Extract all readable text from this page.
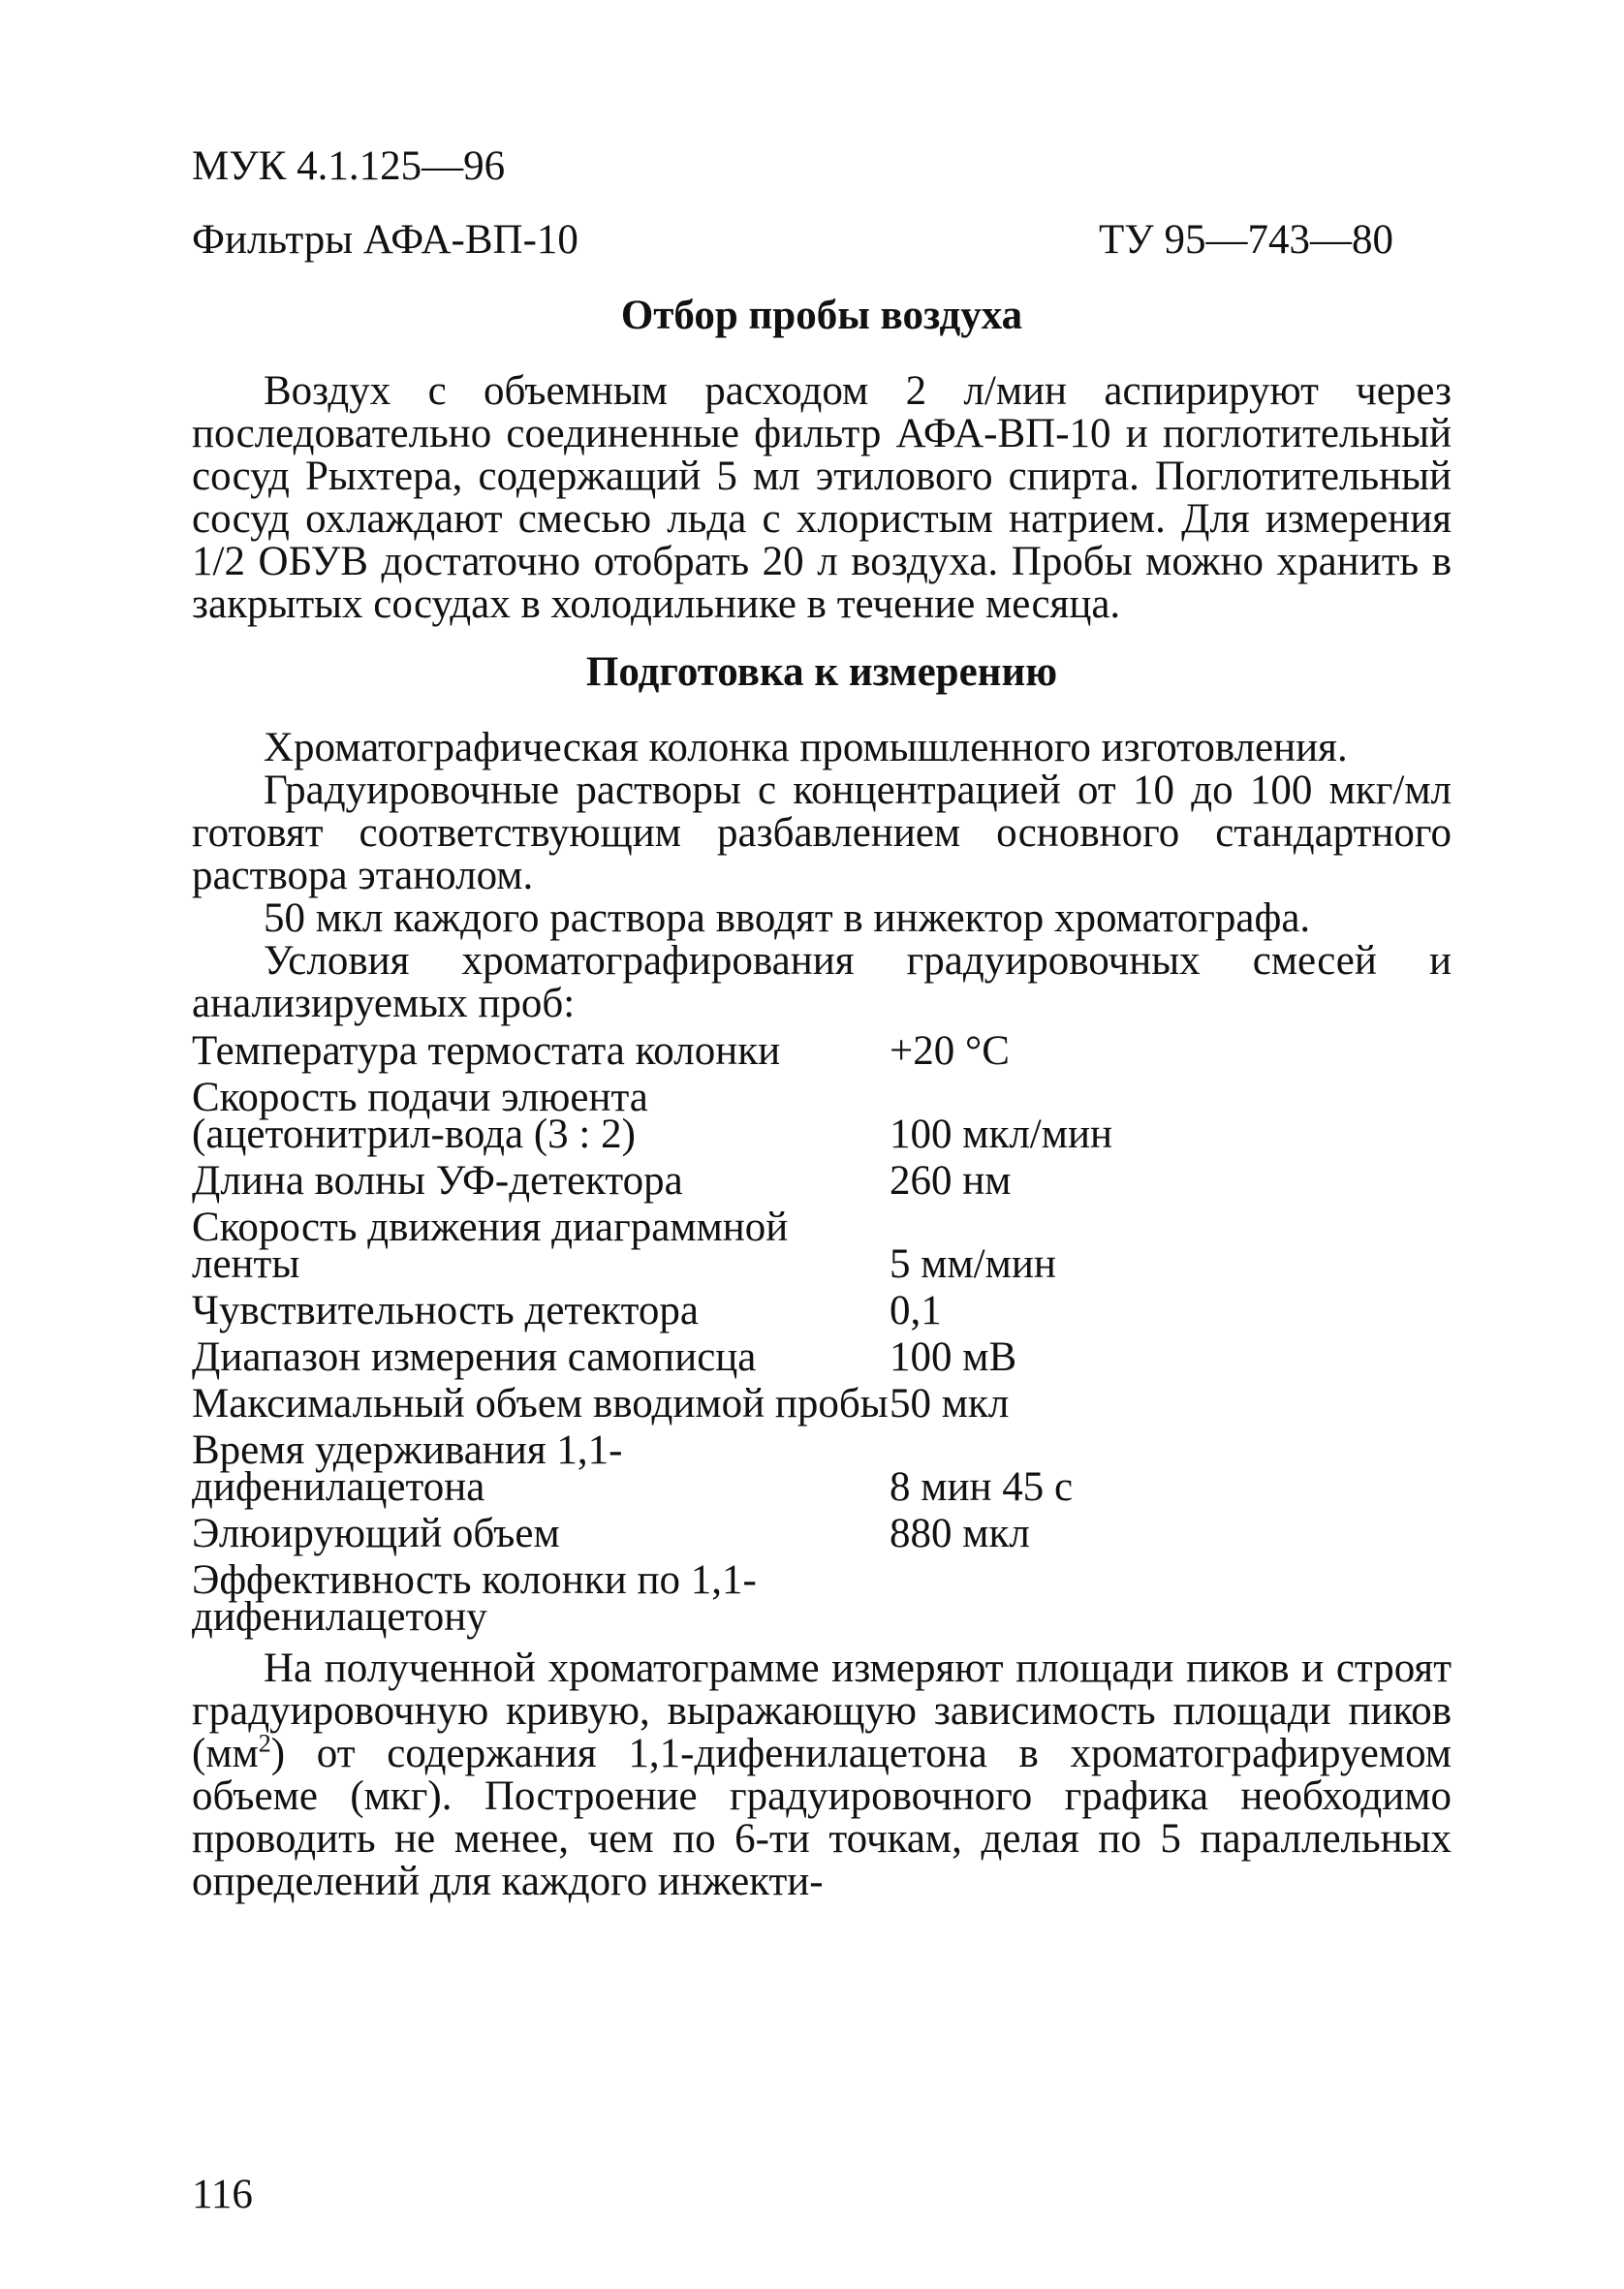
МУК 4.1.125—96
Фильтры АФА-ВП-10	ТУ 95—743—80
Отбор пробы воздуха

Воздух с объемным расходом 2 л/мин аспирируют через последовательно соединенные фильтр АФА-ВП-10 и поглотительный сосуд Рыхтера, содержащий 5 мл этилового спирта. Поглотительный сосуд охлаждают смесью льда с хлористым натрием. Для измерения 1/2 ОБУВ достаточно отобрать 20 л воздуха. Пробы можно хранить в закрытых сосудах в холодильнике в течение месяца.

Подготовка к измерению

Хроматографическая колонка промышленного изготовления.

Градуировочные растворы с концентрацией от 10 до 100 мкг/мл готовят соответствующим разбавлением основного стандартного раствора этанолом.

50 мкл каждого раствора вводят в инжектор хроматографа.

Условия хроматографирования градуировочных смесей и анализируемых проб:

Температура термостата колонки	+20 °С
Скорость подачи элюента (ацетонитрил-вода (3 : 2)	100 мкл/мин
Длина волны УФ-детектора	260 нм
Скорость движения диаграммной ленты	5 мм/мин
Чувствительность детектора	0,1
Диапазон измерения самописца	100 мВ
Максимальный объем вводимой пробы 50 мкл
Время удерживания 1,1-дифенилацетона	8 мин 45 с
Элюирующий объем	880 мкл
Эффективность колонки по 1,1-дифенилацетону

На полученной хроматограмме измеряют площади пиков и строят градуировочную кривую, выражающую зависимость площади пиков $(мм^2)$ от содержания 1,1-дифенилацетона в хроматографируемом объеме (мкг). Построение градуировочного графика необходимо проводить не менее, чем по 6-ти точкам, делая по 5 параллельных определений для каждого инжекти-

116
